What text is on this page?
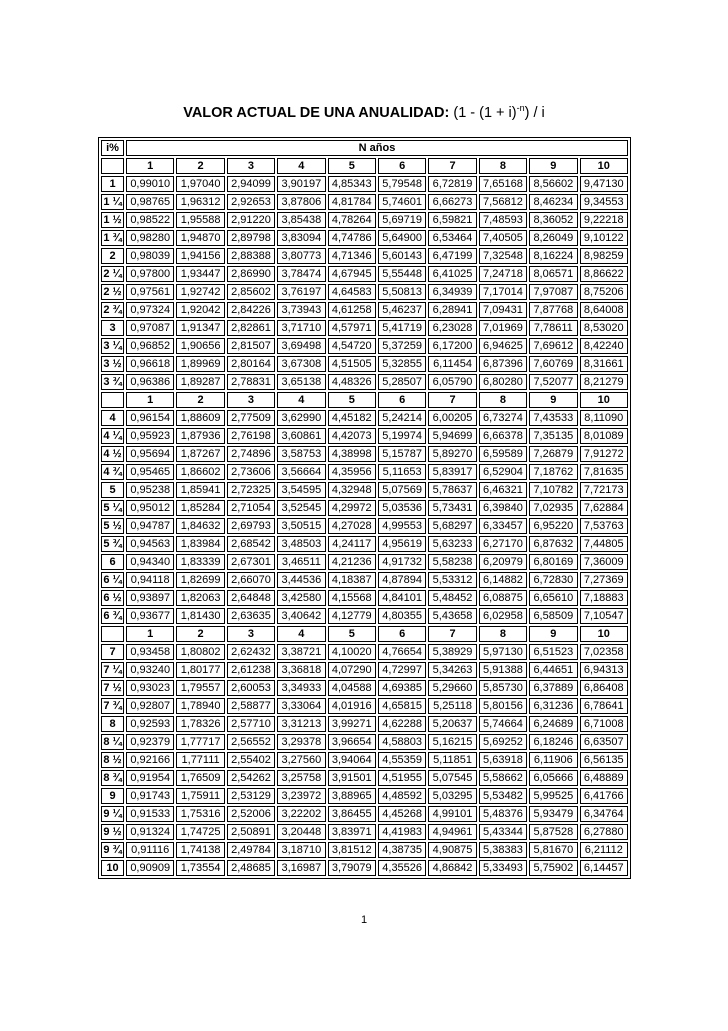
VALOR ACTUAL DE UNA ANUALIDAD: $(1 - (1 + i)^{-n}) / i$
i%	N años									
	1	2	3	4	5	6	7	8	9	10
1	0,99010	1,97040	2,94099	3,90197	4,85343	5,79548	6,72819	7,65168	8,56602	9,47130
1 ¼	0,98765	1,96312	2,92653	3,87806	4,81784	5,74601	6,66273	7,56812	8,46234	9,34553
1 ½	0,98522	1,95588	2,91220	3,85438	4,78264	5,69719	6,59821	7,48593	8,36052	9,22218
1 ¾	0,98280	1,94870	2,89798	3,83094	4,74786	5,64900	6,53464	7,40505	8,26049	9,10122
2	0,98039	1,94156	2,88388	3,80773	4,71346	5,60143	6,47199	7,32548	8,16224	8,98259
2 ¼	0,97800	1,93447	2,86990	3,78474	4,67945	5,55448	6,41025	7,24718	8,06571	8,86622
2 ½	0,97561	1,92742	2,85602	3,76197	4,64583	5,50813	6,34939	7,17014	7,97087	8,75206
2 ¾	0,97324	1,92042	2,84226	3,73943	4,61258	5,46237	6,28941	7,09431	7,87768	8,64008
3	0,97087	1,91347	2,82861	3,71710	4,57971	5,41719	6,23028	7,01969	7,78611	8,53020
3 ¼	0,96852	1,90656	2,81507	3,69498	4,54720	5,37259	6,17200	6,94625	7,69612	8,42240
3 ½	0,96618	1,89969	2,80164	3,67308	4,51505	5,32855	6,11454	6,87396	7,60769	8,31661
3 ¾	0,96386	1,89287	2,78831	3,65138	4,48326	5,28507	6,05790	6,80280	7,52077	8,21279
	1	2	3	4	5	6	7	8	9	10
4	0,96154	1,88609	2,77509	3,62990	4,45182	5,24214	6,00205	6,73274	7,43533	8,11090
4 ¼	0,95923	1,87936	2,76198	3,60861	4,42073	5,19974	5,94699	6,66378	7,35135	8,01089
4 ½	0,95694	1,87267	2,74896	3,58753	4,38998	5,15787	5,89270	6,59589	7,26879	7,91272
4 ¾	0,95465	1,86602	2,73606	3,56664	4,35956	5,11653	5,83917	6,52904	7,18762	7,81635
5	0,95238	1,85941	2,72325	3,54595	4,32948	5,07569	5,78637	6,46321	7,10782	7,72173
5 ¼	0,95012	1,85284	2,71054	3,52545	4,29972	5,03536	5,73431	6,39840	7,02935	7,62884
5 ½	0,94787	1,84632	2,69793	3,50515	4,27028	4,99553	5,68297	6,33457	6,95220	7,53763
5 ¾	0,94563	1,83984	2,68542	3,48503	4,24117	4,95619	5,63233	6,27170	6,87632	7,44805
6	0,94340	1,83339	2,67301	3,46511	4,21236	4,91732	5,58238	6,20979	6,80169	7,36009
6 ¼	0,94118	1,82699	2,66070	3,44536	4,18387	4,87894	5,53312	6,14882	6,72830	7,27369
6 ½	0,93897	1,82063	2,64848	3,42580	4,15568	4,84101	5,48452	6,08875	6,65610	7,18883
6 ¾	0,93677	1,81430	2,63635	3,40642	4,12779	4,80355	5,43658	6,02958	6,58509	7,10547
	1	2	3	4	5	6	7	8	9	10
7	0,93458	1,80802	2,62432	3,38721	4,10020	4,76654	5,38929	5,97130	6,51523	7,02358
7 ¼	0,93240	1,80177	2,61238	3,36818	4,07290	4,72997	5,34263	5,91388	6,44651	6,94313
7 ½	0,93023	1,79557	2,60053	3,34933	4,04588	4,69385	5,29660	5,85730	6,37889	6,86408
7 ¾	0,92807	1,78940	2,58877	3,33064	4,01916	4,65815	5,25118	5,80156	6,31236	6,78641
8	0,92593	1,78326	2,57710	3,31213	3,99271	4,62288	5,20637	5,74664	6,24689	6,71008
8 ¼	0,92379	1,77717	2,56552	3,29378	3,96654	4,58803	5,16215	5,69252	6,18246	6,63507
8 ½	0,92166	1,77111	2,55402	3,27560	3,94064	4,55359	5,11851	5,63918	6,11906	6,56135
8 ¾	0,91954	1,76509	2,54262	3,25758	3,91501	4,51955	5,07545	5,58662	6,05666	6,48889
9	0,91743	1,75911	2,53129	3,23972	3,88965	4,48592	5,03295	5,53482	5,99525	6,41766
9 ¼	0,91533	1,75316	2,52006	3,22202	3,86455	4,45268	4,99101	5,48376	5,93479	6,34764
9 ½	0,91324	1,74725	2,50891	3,20448	3,83971	4,41983	4,94961	5,43344	5,87528	6,27880
9 ¾	0,91116	1,74138	2,49784	3,18710	3,81512	4,38735	4,90875	5,38383	5,81670	6,21112
10	0,90909	1,73554	2,48685	3,16987	3,79079	4,35526	4,86842	5,33493	5,75902	6,14457
1
